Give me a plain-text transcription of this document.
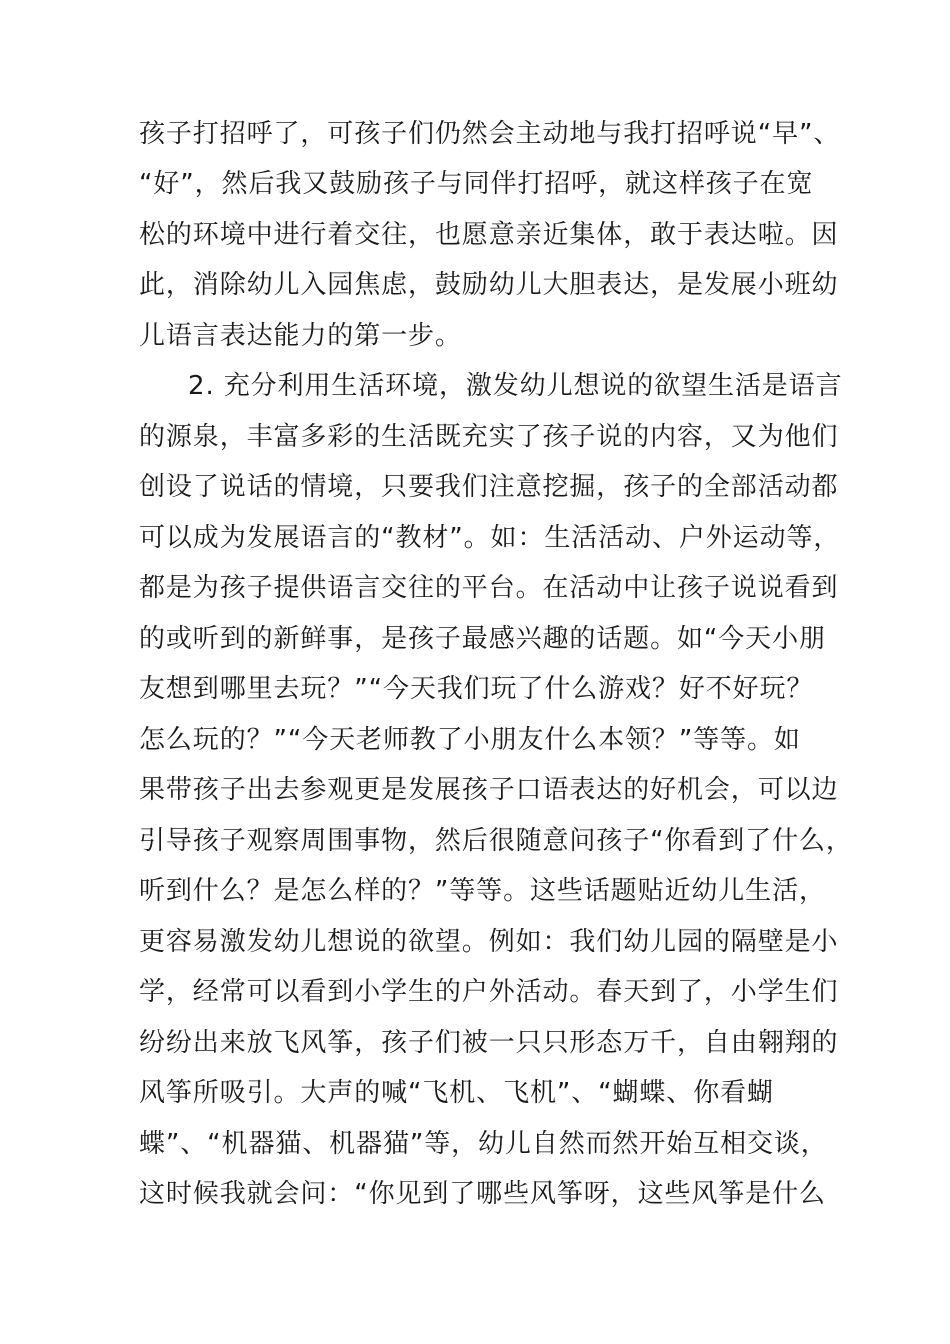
孩子打招呼了，可孩子们仍然会主动地与我打招呼说“早”、
“好”，然后我又鼓励孩子与同伴打招呼，就这样孩子在宽
松的环境中进行着交往，也愿意亲近集体，敢于表达啦。因
此，消除幼儿入园焦虑，鼓励幼儿大胆表达，是发展小班幼
儿语言表达能力的第一步。
2. 充分利用生活环境，激发幼儿想说的欲望生活是语言
的源泉，丰富多彩的生活既充实了孩子说的内容，又为他们
创设了说话的情境，只要我们注意挖掘，孩子的全部活动都
可以成为发展语言的“教材”。如：生活活动、户外运动等，
都是为孩子提供语言交往的平台。在活动中让孩子说说看到
的或听到的新鲜事，是孩子最感兴趣的话题。如“今天小朋
友想到哪里去玩？”“今天我们玩了什么游戏？好不好玩？
怎么玩的？”“今天老师教了小朋友什么本领？”等等。如
果带孩子出去参观更是发展孩子口语表达的好机会，可以边
引导孩子观察周围事物，然后很随意问孩子“你看到了什么，
听到什么？是怎么样的？”等等。这些话题贴近幼儿生活，
更容易激发幼儿想说的欲望。例如：我们幼儿园的隔壁是小
学，经常可以看到小学生的户外活动。春天到了，小学生们
纷纷出来放飞风筝，孩子们被一只只形态万千，自由翱翔的
风筝所吸引。大声的喊“飞机、飞机”、“蝴蝶、你看蝴
蝶”、“机器猫、机器猫”等，幼儿自然而然开始互相交谈，
这时候我就会问：“你见到了哪些风筝呀，这些风筝是什么
